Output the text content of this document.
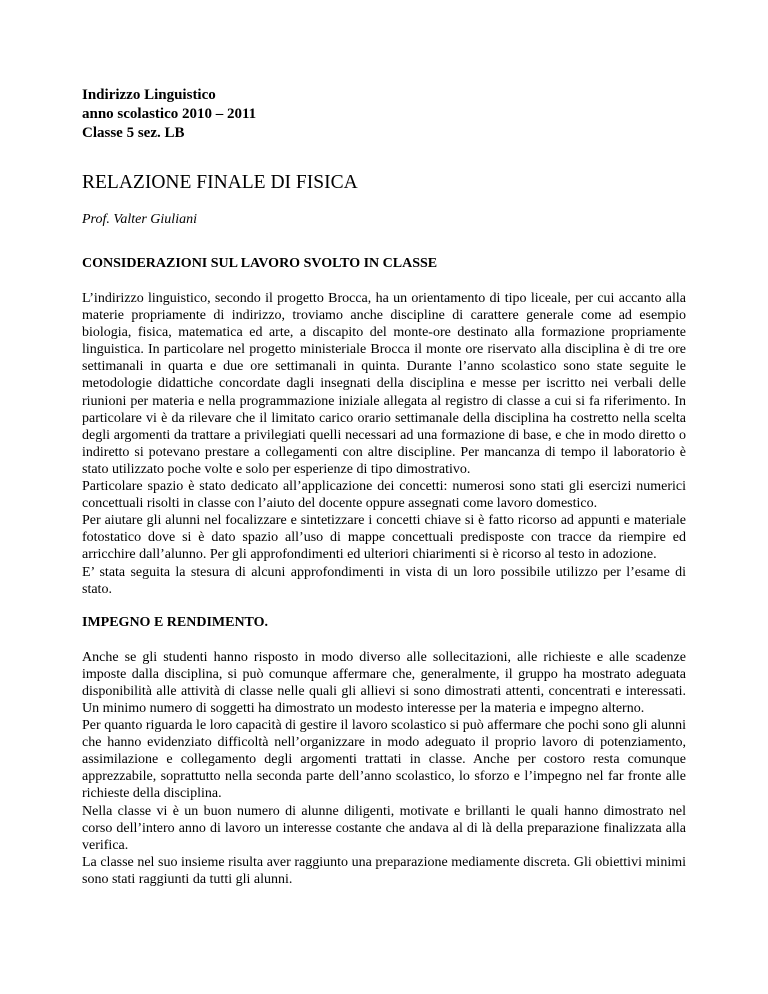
Indirizzo Linguistico

anno scolastico 2010 – 2011

Classe 5 sez. LB

RELAZIONE FINALE DI FISICA

Prof. Valter Giuliani

CONSIDERAZIONI SUL LAVORO SVOLTO IN CLASSE

L’indirizzo linguistico, secondo il progetto Brocca, ha un orientamento di tipo liceale, per cui accanto alla materie propriamente di indirizzo, troviamo anche discipline di carattere generale come ad esempio biologia, fisica, matematica ed arte, a discapito del monte-ore destinato alla formazione propriamente linguistica. In particolare nel progetto ministeriale Brocca il monte ore riservato alla disciplina è di tre ore settimanali in quarta e due ore settimanali in quinta. Durante l’anno scolastico sono state seguite le metodologie didattiche concordate dagli insegnati della disciplina e messe per iscritto nei verbali delle riunioni per materia e nella programmazione iniziale allegata al registro di classe a cui si fa riferimento. In particolare vi è da rilevare che il limitato carico orario settimanale della disciplina ha costretto nella scelta degli argomenti da trattare a privilegiati quelli necessari ad una formazione di base, e che in modo diretto o indiretto si potevano prestare a collegamenti con altre discipline. Per mancanza di tempo il laboratorio è stato utilizzato poche volte e solo per esperienze di tipo dimostrativo.

Particolare spazio è stato dedicato all’applicazione dei concetti: numerosi sono stati gli esercizi numerici concettuali risolti in classe con l’aiuto del docente oppure assegnati come lavoro domestico.

Per aiutare gli alunni nel focalizzare e sintetizzare i concetti chiave si è fatto ricorso ad appunti e materiale fotostatico dove si è dato spazio all’uso di mappe concettuali predisposte con tracce da riempire ed arricchire dall’alunno. Per gli approfondimenti ed ulteriori chiarimenti si è ricorso al testo in adozione.

E’ stata seguita la stesura di alcuni approfondimenti in vista di un loro possibile utilizzo per l’esame di stato.

IMPEGNO E RENDIMENTO.

Anche se gli studenti hanno risposto in modo diverso alle sollecitazioni, alle richieste e alle scadenze imposte dalla disciplina, si può comunque affermare che, generalmente, il gruppo ha mostrato adeguata disponibilità alle attività di classe nelle quali gli allievi si sono dimostrati attenti, concentrati e interessati. Un minimo numero di soggetti ha dimostrato un modesto interesse per la materia e impegno alterno.

Per quanto riguarda le loro capacità di gestire il lavoro scolastico si può affermare che pochi sono gli alunni che hanno evidenziato difficoltà nell’organizzare in modo adeguato il proprio lavoro di potenziamento, assimilazione e collegamento degli argomenti trattati in classe. Anche per costoro resta comunque apprezzabile, soprattutto nella seconda parte dell’anno scolastico, lo sforzo e l’impegno nel far fronte alle richieste della disciplina.

Nella classe vi è un buon numero di alunne diligenti, motivate e brillanti le quali hanno dimostrato nel corso dell’intero anno di lavoro un interesse costante che andava al di là della preparazione finalizzata alla verifica.

La classe nel suo insieme risulta aver raggiunto una preparazione mediamente discreta. Gli obiettivi minimi sono stati raggiunti da tutti gli alunni.
